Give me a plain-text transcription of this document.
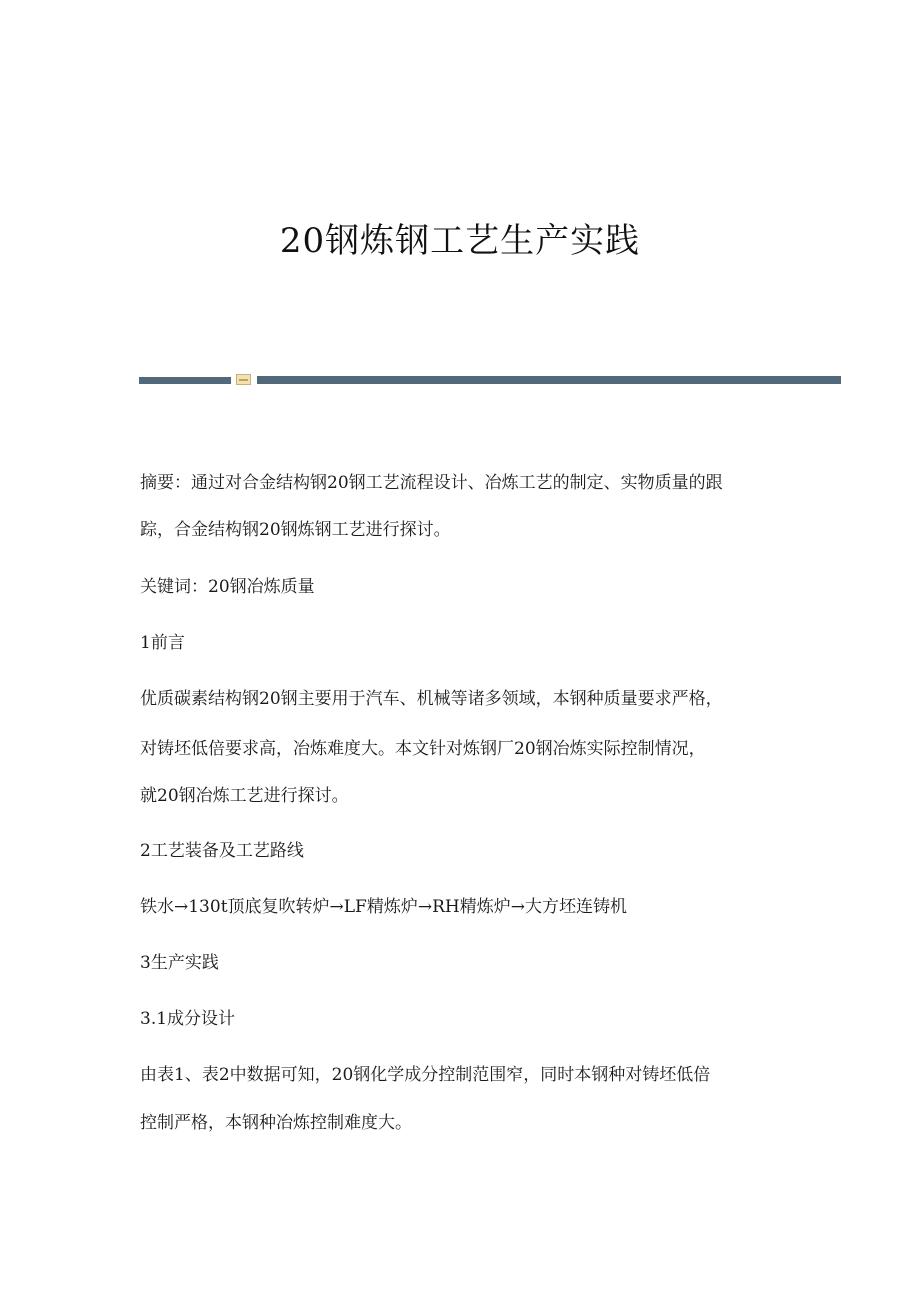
20钢炼钢工艺生产实践
摘要：通过对合金结构钢20钢工艺流程设计、冶炼工艺的制定、实物质量的跟
踪，合金结构钢20钢炼钢工艺进行探讨。
关键词：20钢冶炼质量
1前言
优质碳素结构钢20钢主要用于汽车、机械等诸多领域，本钢种质量要求严格，
对铸坯低倍要求高，冶炼难度大。本文针对炼钢厂20钢冶炼实际控制情况，
就20钢冶炼工艺进行探讨。
2工艺装备及工艺路线
铁水→130t顶底复吹转炉→LF精炼炉→RH精炼炉→大方坯连铸机
3生产实践
3.1成分设计
由表1、表2中数据可知，20钢化学成分控制范围窄，同时本钢种对铸坯低倍
控制严格，本钢种冶炼控制难度大。
